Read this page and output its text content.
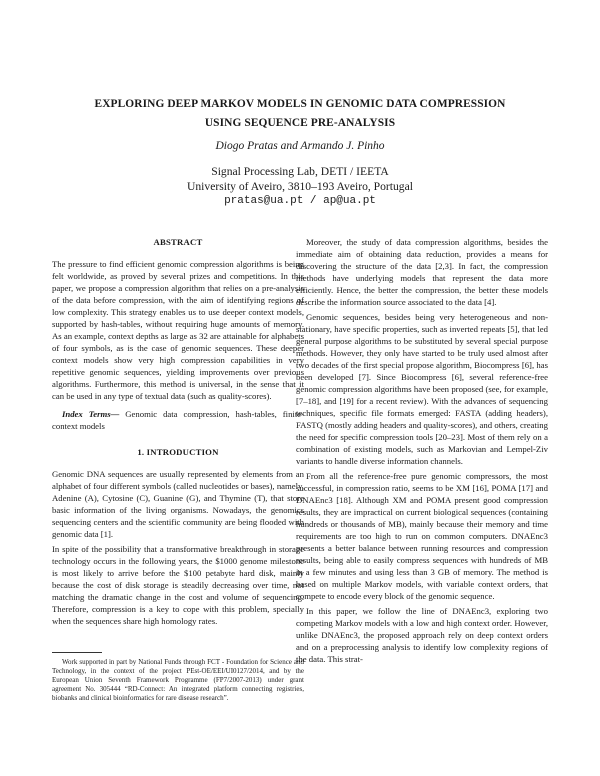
EXPLORING DEEP MARKOV MODELS IN GENOMIC DATA COMPRESSION
USING SEQUENCE PRE-ANALYSIS
Diogo Pratas and Armando J. Pinho
Signal Processing Lab, DETI / IEETA
University of Aveiro, 3810–193 Aveiro, Portugal
pratas@ua.pt / ap@ua.pt
ABSTRACT

The pressure to find efficient genomic compression algorithms is being felt worldwide, as proved by several prizes and competitions. In this paper, we propose a compression algorithm that relies on a pre-analysis of the data before compression, with the aim of identifying regions of low complexity. This strategy enables us to use deeper context models, supported by hash-tables, without requiring huge amounts of memory. As an example, context depths as large as 32 are attainable for alphabets of four symbols, as is the case of genomic sequences. These deeper context models show very high compression capabilities in very repetitive genomic sequences, yielding improvements over previous algorithms. Furthermore, this method is universal, in the sense that it can be used in any type of textual data (such as quality-scores).

Index Terms— Genomic data compression, hash-tables, finite-context models

1. INTRODUCTION

Genomic DNA sequences are usually represented by elements from an alphabet of four different symbols (called nucleotides or bases), namely, Adenine (A), Cytosine (C), Guanine (G), and Thymine (T), that store basic information of the living organisms. Nowadays, the genomics sequencing centers and the scientific community are being flooded with genomic data [1].

In spite of the possibility that a transformative breakthrough in storage technology occurs in the following years, the $1000 genome milestone is most likely to arrive before the $100 petabyte hard disk, mainly because the cost of disk storage is steadily decreasing over time, not matching the dramatic change in the cost and volume of sequencing. Therefore, compression is a key to cope with this problem, specially when the sequences share high homology rates.

Work supported in part by National Funds through FCT - Foundation for Science and Technology, in the context of the project PEst-OE/EEI/UI0127/2014, and by the European Union Seventh Framework Programme (FP7/2007-2013) under grant agreement No. 305444 “RD-Connect: An integrated platform connecting registries, biobanks and clinical bioinformatics for rare disease research”.

Moreover, the study of data compression algorithms, besides the immediate aim of obtaining data reduction, provides a means for discovering the structure of the data [2,3]. In fact, the compression methods have underlying models that represent the data more efficiently. Hence, the better the compression, the better these models describe the information source associated to the data [4].

Genomic sequences, besides being very heterogeneous and non-stationary, have specific properties, such as inverted repeats [5], that led general purpose algorithms to be substituted by several special purpose methods. However, they only have started to be truly used almost after two decades of the first special propose algorithm, Biocompress [6], has been developed [7]. Since Biocompress [6], several reference-free genomic compression algorithms have been proposed (see, for example, [7–18], and [19] for a recent review). With the advances of sequencing techniques, specific file formats emerged: FASTA (adding headers), FASTQ (mostly adding headers and quality-scores), and others, creating the need for specific compression tools [20–23]. Most of them rely on a combination of existing models, such as Markovian and Lempel-Ziv variants to handle diverse information channels.

From all the reference-free pure genomic compressors, the most successful, in compression ratio, seems to be XM [16], POMA [17] and DNAEnc3 [18]. Although XM and POMA present good compression results, they are impractical on current biological sequences (containing hundreds or thousands of MB), mainly because their memory and time requirements are too high to run on common computers. DNAEnc3 presents a better balance between running resources and compression results, being able to easily compress sequences with hundreds of MB in a few minutes and using less than 3 GB of memory. The method is based on multiple Markov models, with variable context orders, that compete to encode every block of the genomic sequence.

In this paper, we follow the line of DNAEnc3, exploring two competing Markov models with a low and high context order. However, unlike DNAEnc3, the proposed approach rely on deep context orders and on a preprocessing analysis to identify low complexity regions of the data. This strat-
